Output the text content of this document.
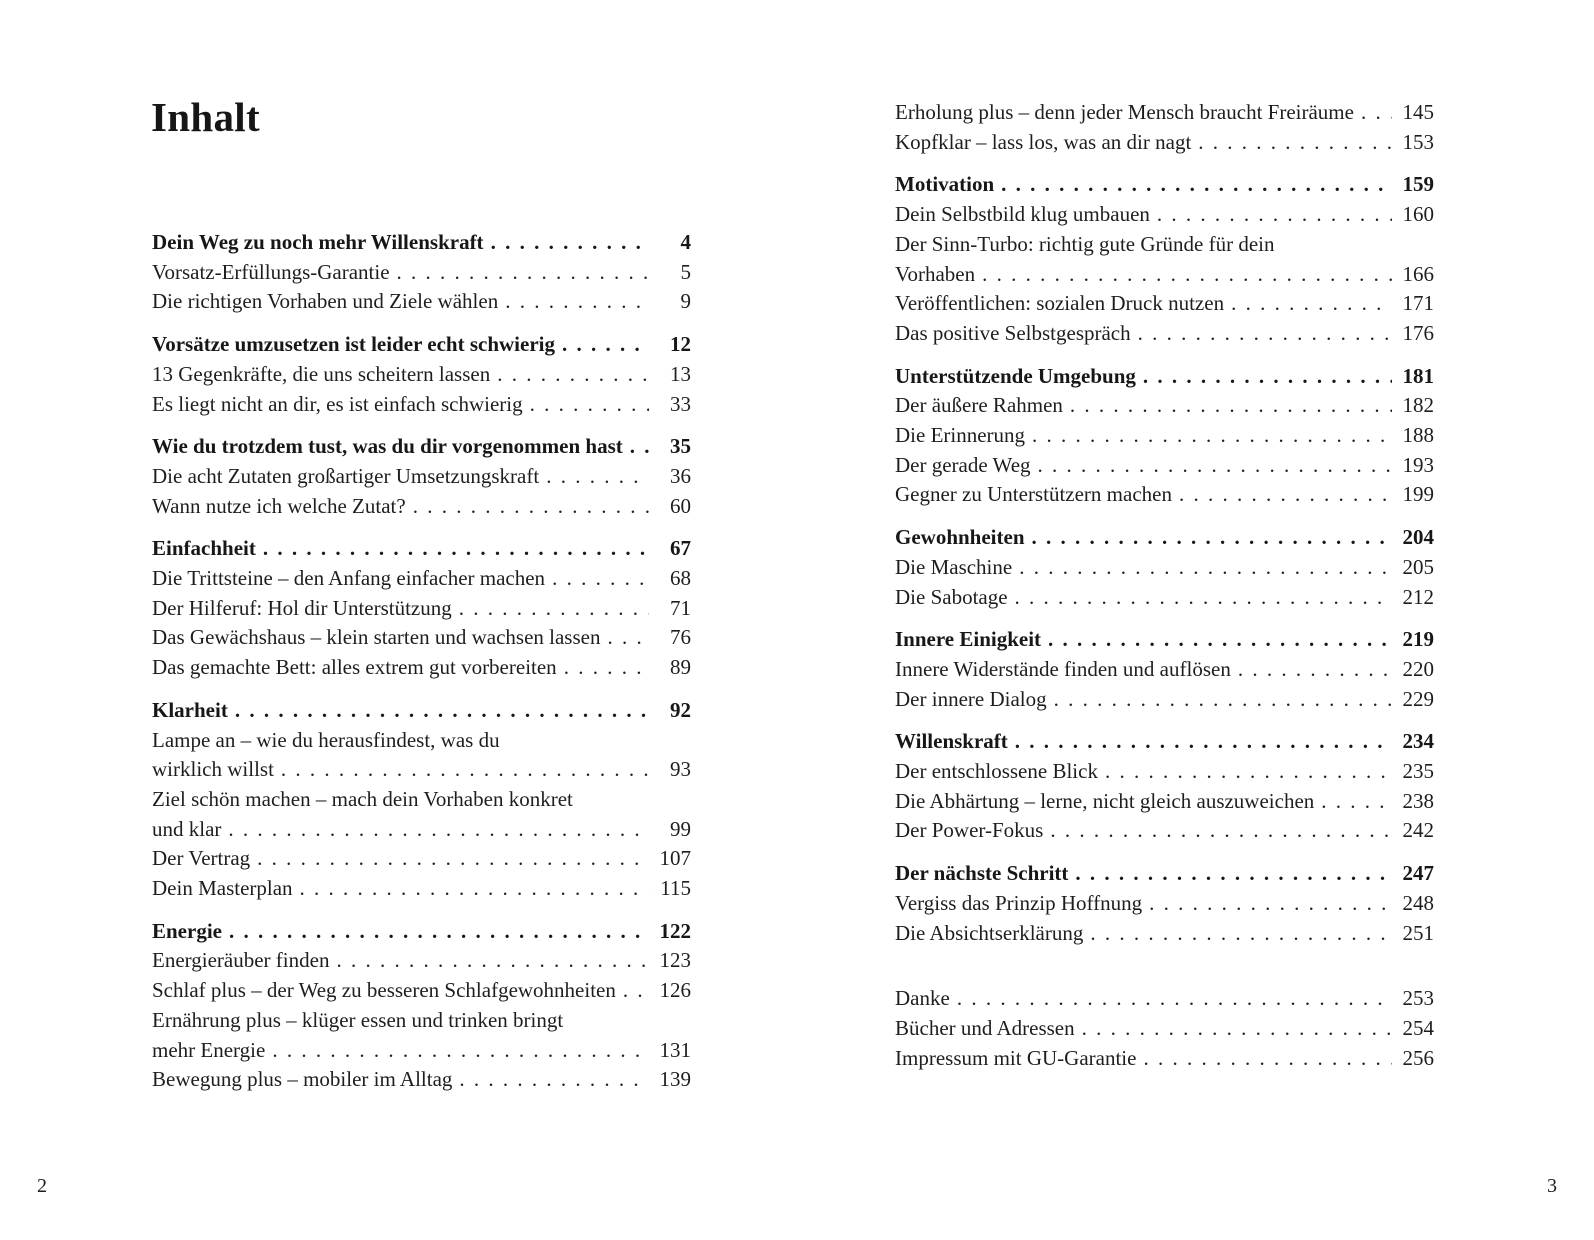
Inhalt
Dein Weg zu noch mehr Willenskraft . . .	4
Vorsatz-Erfüllungs-Garantie . . .	5
Die richtigen Vorhaben und Ziele wählen . . .	9
Vorsätze umzusetzen ist leider echt schwierig . . .	12
13 Gegenkräfte, die uns scheitern lassen . . .	13
Es liegt nicht an dir, es ist einfach schwierig . . .	33
Wie du trotzdem tust, was du dir vorgenommen hast . . .	35
Die acht Zutaten großartiger Umsetzungskraft . . .	36
Wann nutze ich welche Zutat? . . .	60
Einfachheit . . .	67
Die Trittsteine – den Anfang einfacher machen . . .	68
Der Hilferuf: Hol dir Unterstützung . . .	71
Das Gewächshaus – klein starten und wachsen lassen . . .	76
Das gemachte Bett: alles extrem gut vorbereiten . . .	89
Klarheit . . .	92
Lampe an – wie du herausfindest, was du
wirklich willst . . .	93
Ziel schön machen – mach dein Vorhaben konkret
und klar . . .	99
Der Vertrag . . .	107
Dein Masterplan . . .	115
Energie . . .	122
Energieräuber finden . . .	123
Schlaf plus – der Weg zu besseren Schlafgewohnheiten . . .	126
Ernährung plus – klüger essen und trinken bringt
mehr Energie . . .	131
Bewegung plus – mobiler im Alltag . . .	139
Erholung plus – denn jeder Mensch braucht Freiräume . . .	145
Kopfklar – lass los, was an dir nagt . . .	153
Motivation . . .	159
Dein Selbstbild klug umbauen . . .	160
Der Sinn-Turbo: richtig gute Gründe für dein
Vorhaben . . .	166
Veröffentlichen: sozialen Druck nutzen . . .	171
Das positive Selbstgespräch . . .	176
Unterstützende Umgebung . . .	181
Der äußere Rahmen . . .	182
Die Erinnerung . . .	188
Der gerade Weg . . .	193
Gegner zu Unterstützern machen . . .	199
Gewohnheiten . . .	204
Die Maschine . . .	205
Die Sabotage . . .	212
Innere Einigkeit . . .	219
Innere Widerstände finden und auflösen . . .	220
Der innere Dialog . . .	229
Willenskraft . . .	234
Der entschlossene Blick . . .	235
Die Abhärtung – lerne, nicht gleich auszuweichen . . .	238
Der Power-Fokus . . .	242
Der nächste Schritt . . .	247
Vergiss das Prinzip Hoffnung . . .	248
Die Absichtserklärung . . .	251
Danke . . .	253
Bücher und Adressen . . .	254
Impressum mit GU-Garantie . . .	256
2	3
